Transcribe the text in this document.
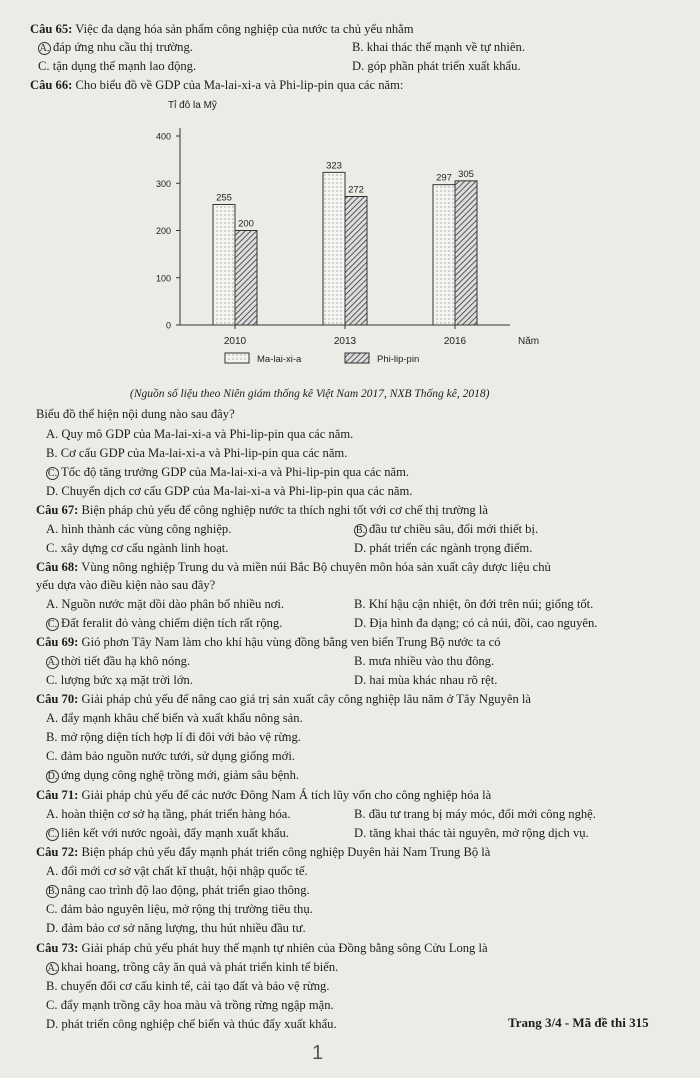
Câu 65: Việc đa dạng hóa sản phẩm công nghiệp của nước ta chủ yếu nhằm
A. đáp ứng nhu cầu thị trường.	B. khai thác thế mạnh về tự nhiên.
C. tận dụng thế mạnh lao động.	D. góp phần phát triển xuất khẩu.
Câu 66: Cho biểu đồ về GDP của Ma-lai-xi-a và Phi-lip-pin qua các năm:
Tỉ đô la Mỹ
Năm
0
100
200
300
400
2010
255
200
2013
323
272
2016
297 305
Ma-lai-xi-a	Phi-lip-pin
(Nguồn số liệu theo Niên giám thống kê Việt Nam 2017, NXB Thống kê, 2018)
Biểu đồ thể hiện nội dung nào sau đây?
A. Quy mô GDP của Ma-lai-xi-a và Phi-lip-pin qua các năm.
B. Cơ cấu GDP của Ma-lai-xi-a và Phi-lip-pin qua các năm.
C. Tốc độ tăng trưởng GDP của Ma-lai-xi-a và Phi-lip-pin qua các năm.
D. Chuyển dịch cơ cấu GDP của Ma-lai-xi-a và Phi-lip-pin qua các năm.
Câu 67: Biện pháp chủ yếu để công nghiệp nước ta thích nghi tốt với cơ chế thị trường là
A. hình thành các vùng công nghiệp.	B. đầu tư chiều sâu, đổi mới thiết bị.
C. xây dựng cơ cấu ngành linh hoạt.	D. phát triển các ngành trọng điểm.
Câu 68: Vùng nông nghiệp Trung du và miền núi Bắc Bộ chuyên môn hóa sản xuất cây dược liệu chủ
yếu dựa vào điều kiện nào sau đây?
A. Nguồn nước mặt dồi dào phân bố nhiều nơi.	B. Khí hậu cận nhiệt, ôn đới trên núi; giống tốt.
C. Đất feralit đỏ vàng chiếm diện tích rất rộng.	D. Địa hình đa dạng; có cả núi, đồi, cao nguyên.
Câu 69: Gió phơn Tây Nam làm cho khí hậu vùng đồng bằng ven biển Trung Bộ nước ta có
A. thời tiết đầu hạ khô nóng.	B. mưa nhiều vào thu đông.
C. lượng bức xạ mặt trời lớn.	D. hai mùa khác nhau rõ rệt.
Câu 70: Giải pháp chủ yếu để nâng cao giá trị sản xuất cây công nghiệp lâu năm ở Tây Nguyên là
A. đẩy mạnh khâu chế biến và xuất khẩu nông sản.
B. mở rộng diện tích hợp lí đi đôi với bảo vệ rừng.
C. đảm bảo nguồn nước tưới, sử dụng giống mới.
D. ứng dụng công nghệ trồng mới, giảm sâu bệnh.
Câu 71: Giải pháp chủ yếu để các nước Đông Nam Á tích lũy vốn cho công nghiệp hóa là
A. hoàn thiện cơ sở hạ tầng, phát triển hàng hóa.	B. đầu tư trang bị máy móc, đổi mới công nghệ.
C. liên kết với nước ngoài, đẩy mạnh xuất khẩu.	D. tăng khai thác tài nguyên, mở rộng dịch vụ.
Câu 72: Biện pháp chủ yếu đẩy mạnh phát triển công nghiệp Duyên hải Nam Trung Bộ là
A. đổi mới cơ sở vật chất kĩ thuật, hội nhập quốc tế.
B. nâng cao trình độ lao động, phát triển giao thông.
C. đảm bảo nguyên liệu, mở rộng thị trường tiêu thụ.
D. đảm bảo cơ sở năng lượng, thu hút nhiều đầu tư.
Câu 73: Giải pháp chủ yếu phát huy thế mạnh tự nhiên của Đồng bằng sông Cửu Long là
A. khai hoang, trồng cây ăn quả và phát triển kinh tế biển.
B. chuyển đổi cơ cấu kinh tế, cải tạo đất và bảo vệ rừng.
C. đẩy mạnh trồng cây hoa màu và trồng rừng ngập mặn.
D. phát triển công nghiệp chế biến và thúc đẩy xuất khẩu.	Trang 3/4 - Mã đề thi 315
1
